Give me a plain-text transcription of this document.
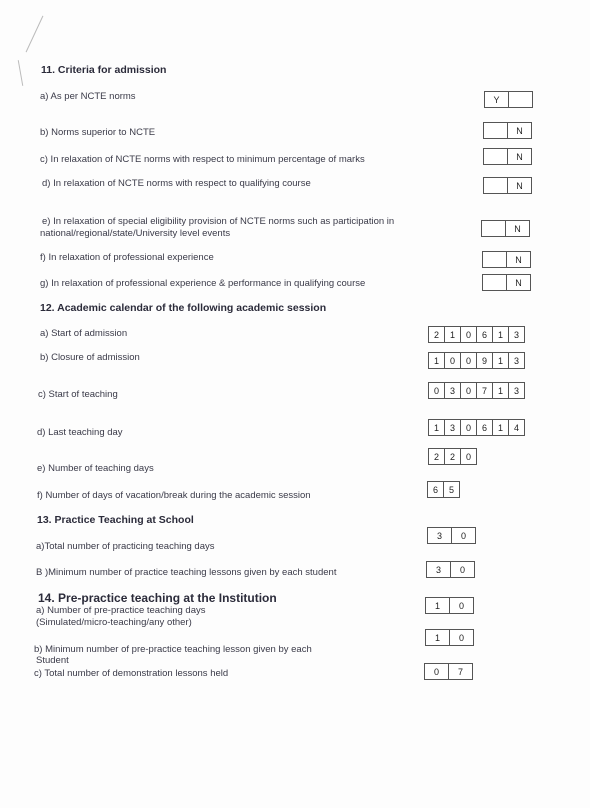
11. Criteria for admission
a) As per NCTE norms	Y
b) Norms superior to NCTE	N
c) In relaxation of NCTE norms with respect to minimum percentage of marks	N
d) In relaxation of NCTE norms with respect to qualifying course	N
e) In relaxation of special eligibility provision of NCTE norms such as participation in
national/regional/state/University level events	N
f) In relaxation of professional experience	N
g) In relaxation of professional experience & performance in qualifying course	N
12. Academic calendar of the following academic session
a) Start of admission	2	1	0	6	1	3
b) Closure of admission	1	0	0	9	1	3
c) Start of teaching	0	3	0	7	1	3
d) Last teaching day	1	3	0	6	1	4
e) Number of teaching days
2	2	0
f) Number of days of vacation/break during the academic session
6	5
13. Practice Teaching at School
a)Total number of practicing teaching days
3	0
B )Minimum number of practice teaching lessons given by each student	3	0
14. Pre-practice teaching at the Institution
a) Number of pre-practice teaching days
(Simulated/micro-teaching/any other)
1	0
b) Minimum number of pre-practice teaching lesson given by each
Student
1	0
c) Total number of demonstration lessons held	0	7
